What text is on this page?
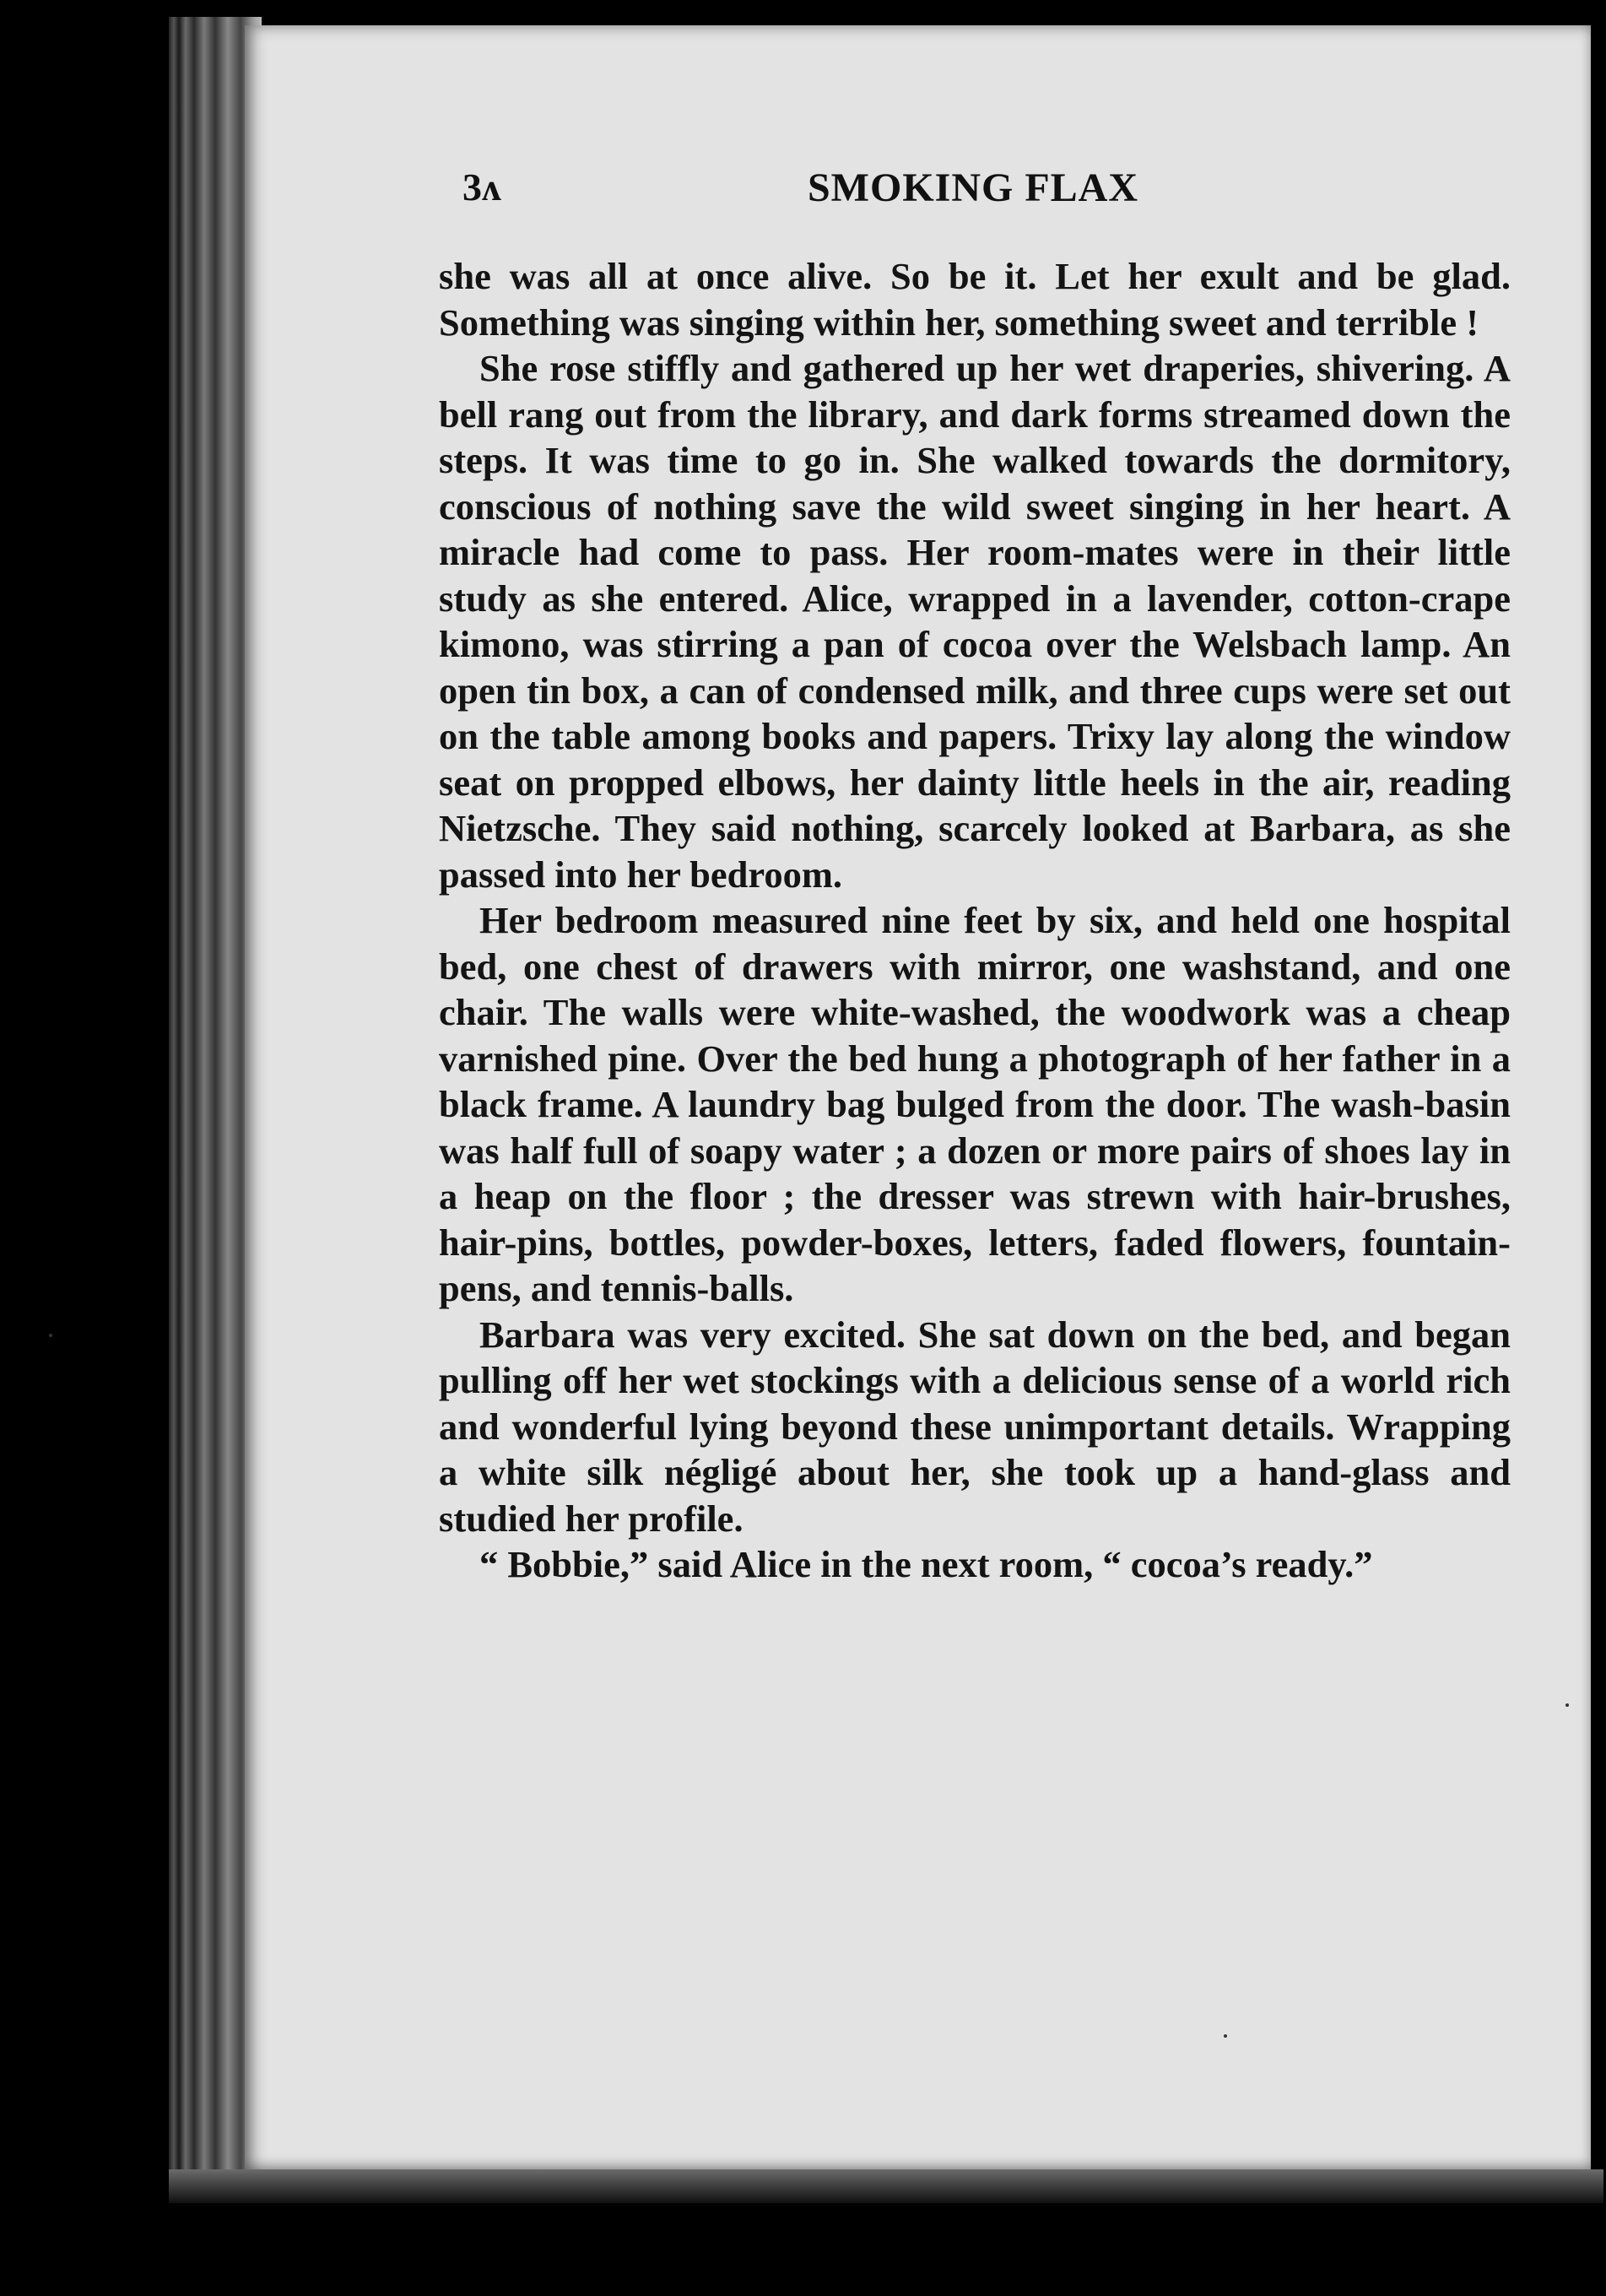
3ʌ	SMOKING FLAX

she was all at once alive. So be it. Let her exult and be glad. Something was singing within her, something sweet and terrible !

She rose stiffly and gathered up her wet draperies, shivering. A bell rang out from the library, and dark forms streamed down the steps. It was time to go in. She walked towards the dormitory, conscious of nothing save the wild sweet singing in her heart. A miracle had come to pass. Her room-mates were in their little study as she entered. Alice, wrapped in a lavender, cotton-crape kimono, was stirring a pan of cocoa over the Welsbach lamp. An open tin box, a can of condensed milk, and three cups were set out on the table among books and papers. Trixy lay along the window seat on propped elbows, her dainty little heels in the air, reading Nietzsche. They said nothing, scarcely looked at Barbara, as she passed into her bedroom.

Her bedroom measured nine feet by six, and held one hospital bed, one chest of drawers with mirror, one washstand, and one chair. The walls were white-washed, the woodwork was a cheap varnished pine. Over the bed hung a photograph of her father in a black frame. A laundry bag bulged from the door. The wash-basin was half full of soapy water ; a dozen or more pairs of shoes lay in a heap on the floor ; the dresser was strewn with hair-brushes, hair-pins, bottles, powder-boxes, letters, faded flowers, fountain-pens, and tennis-balls.

Barbara was very excited. She sat down on the bed, and began pulling off her wet stockings with a delicious sense of a world rich and wonderful lying beyond these unimportant details. Wrapping a white silk négligé about her, she took up a hand-glass and studied her profile.

“ Bobbie,” said Alice in the next room, “ cocoa’s ready.”
